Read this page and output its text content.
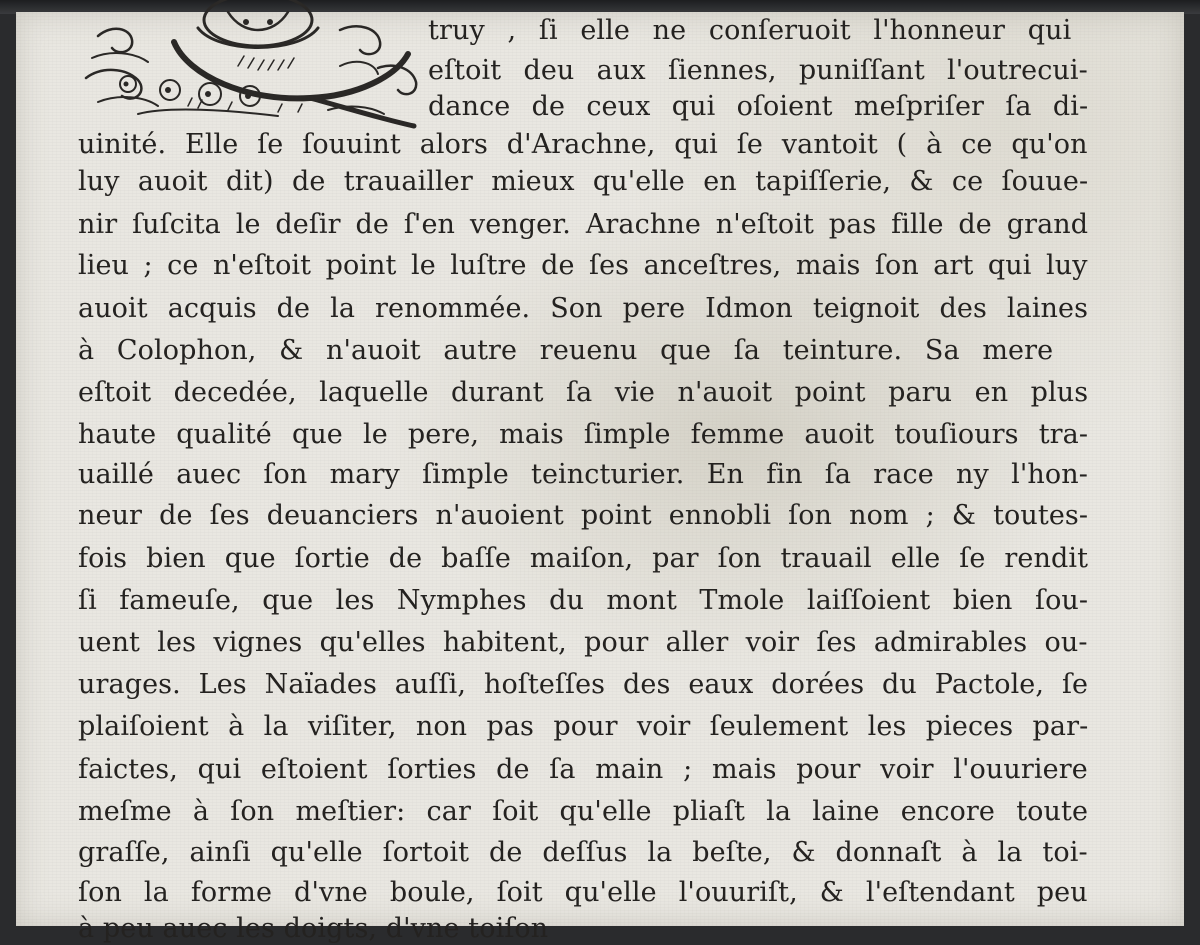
truy , ſi elle ne conſeruoit l'honneur qui
eſtoit deu aux ſiennes, puniſſant l'outrecui-
dance de ceux qui oſoient meſpriſer ſa di-
uinité. Elle ſe ſouuint alors d'Arachne, qui ſe vantoit ( à ce qu'on
luy auoit dit) de trauailler mieux qu'elle en tapiſſerie, & ce ſouue-
nir ſuſcita le deſir de ſ'en venger. Arachne n'eſtoit pas fille de grand
lieu ; ce n'eſtoit point le luſtre de ſes anceſtres, mais ſon art qui luy
auoit acquis de la renommée. Son pere Idmon teignoit des laines
à Colophon, & n'auoit autre reuenu que ſa teinture. Sa mere
eſtoit decedée, laquelle durant ſa vie n'auoit point paru en plus
haute qualité que le pere, mais ſimple femme auoit touſiours tra-
uaillé auec ſon mary ſimple teincturier. En fin ſa race ny l'hon-
neur de ſes deuanciers n'auoient point ennobli ſon nom ; & toutes-
fois bien que ſortie de baſſe maiſon, par ſon trauail elle ſe rendit
ſi fameuſe, que les Nymphes du mont Tmole laiſſoient bien ſou-
uent les vignes qu'elles habitent, pour aller voir ſes admirables ou-
urages. Les Naïades auſſi, hoſteſſes des eaux dorées du Pactole, ſe
plaiſoient à la viſiter, non pas pour voir ſeulement les pieces par-
faictes, qui eſtoient ſorties de ſa main ; mais pour voir l'ouuriere
meſme à ſon meſtier: car ſoit qu'elle pliaſt la laine encore toute
graſſe, ainſi qu'elle ſortoit de deſſus la beſte, & donnaſt à la toi-
ſon la forme d'vne boule, ſoit qu'elle l'ouuriſt, & l'eſtendant peu
à peu auec les doigts, d'vne toiſon
